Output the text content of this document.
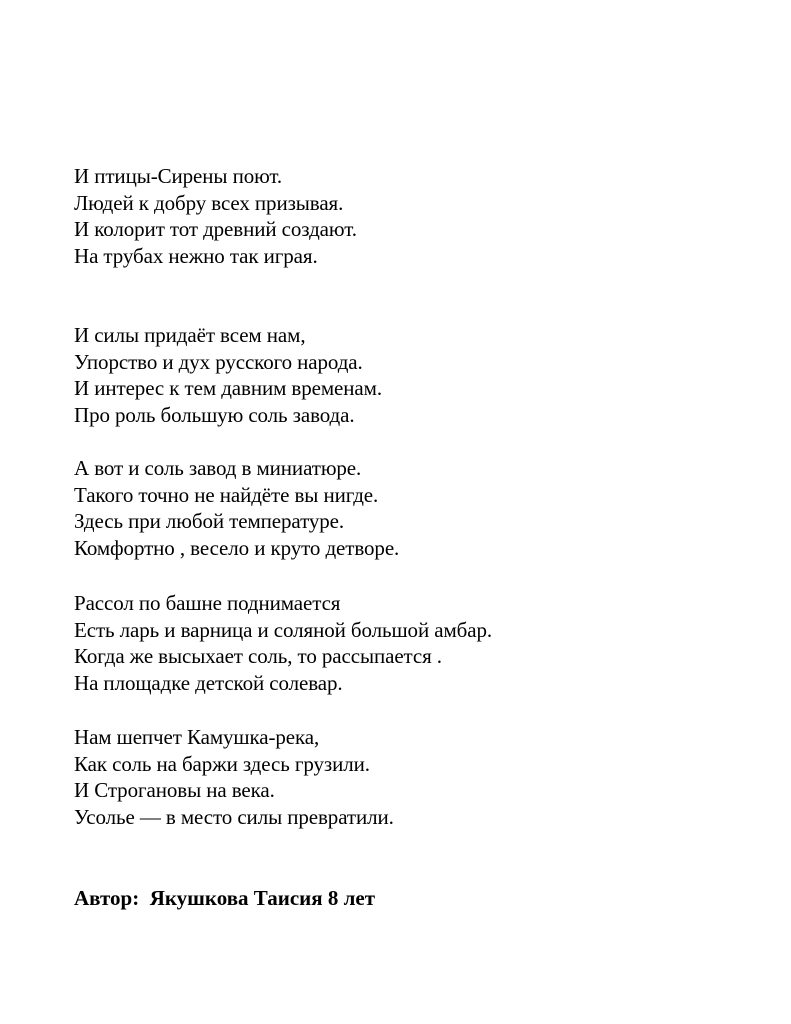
И птицы-Сирены поют.
Людей к добру всех призывая.
И колорит тот древний создают.
На трубах нежно так играя.
И силы придаёт всем нам,
Упорство и дух русского народа.
И интерес к тем давним временам.
Про роль большую соль завода.
А вот и соль завод в миниатюре.
Такого точно не найдёте вы нигде.
Здесь при любой температуре.
Комфортно , весело и круто детворе.
Рассол по башне поднимается
Есть ларь и варница и соляной большой амбар.
Когда же высыхает соль, то рассыпается .
На площадке детской солевар.
Нам шепчет Камушка-река,
Как соль на баржи здесь грузили.
И Строгановы на века.
Усолье — в место силы превратили.
Автор:  Якушкова Таисия 8 лет
